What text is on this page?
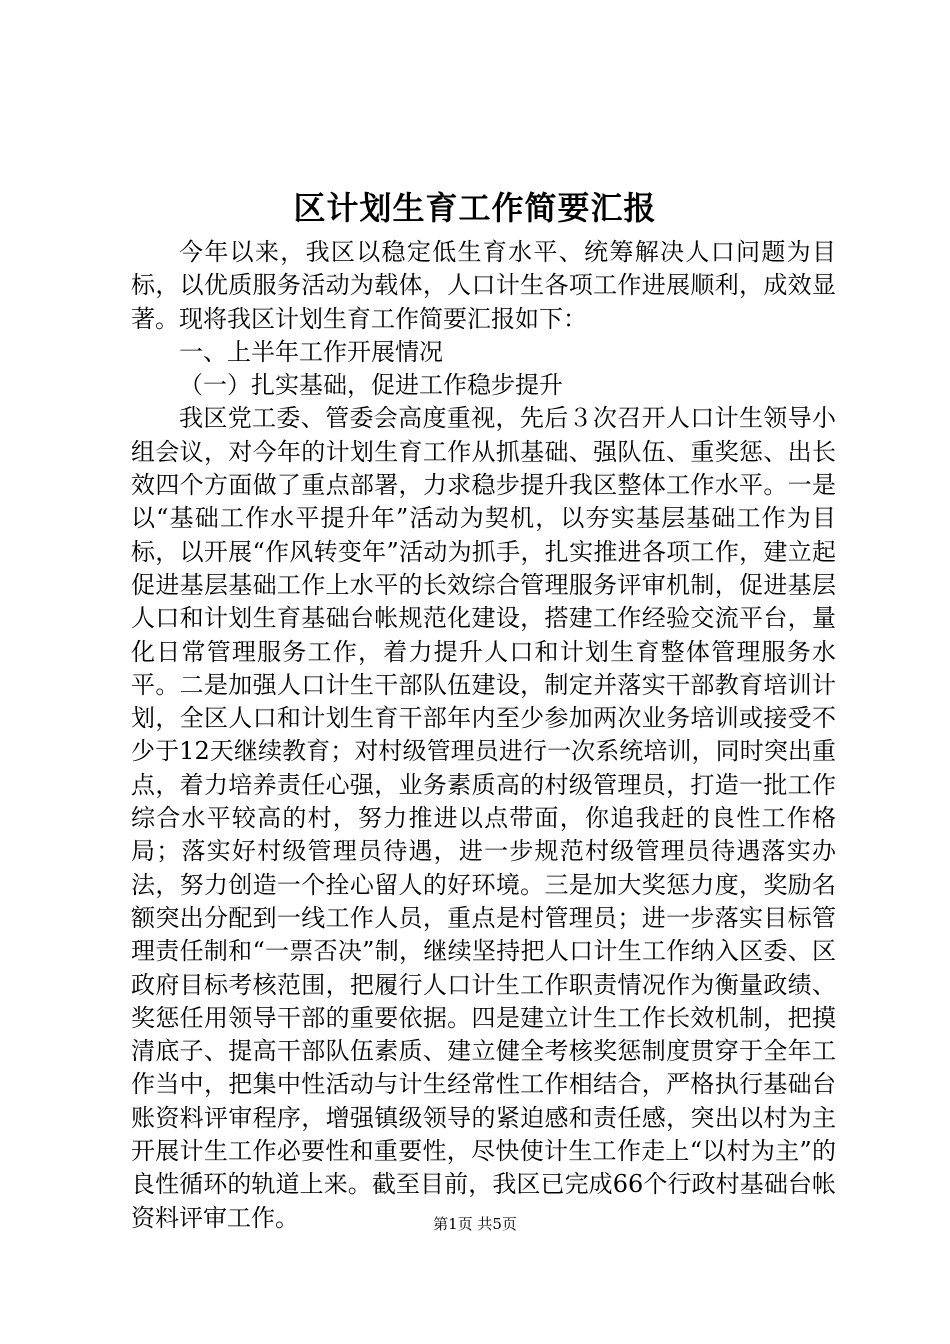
区计划生育工作简要汇报

今年以来，我区以稳定低生育水平、统筹解决人口问题为目标，以优质服务活动为载体，人口计生各项工作进展顺利，成效显著。现将我区计划生育工作简要汇报如下：

一、上半年工作开展情况

（一）扎实基础，促进工作稳步提升

我区党工委、管委会高度重视，先后３次召开人口计生领导小组会议，对今年的计划生育工作从抓基础、强队伍、重奖惩、出长效四个方面做了重点部署，力求稳步提升我区整体工作水平。一是以“基础工作水平提升年”活动为契机，以夯实基层基础工作为目标，以开展“作风转变年”活动为抓手，扎实推进各项工作，建立起促进基层基础工作上水平的长效综合管理服务评审机制，促进基层人口和计划生育基础台帐规范化建设，搭建工作经验交流平台，量化日常管理服务工作，着力提升人口和计划生育整体管理服务水平。二是加强人口计生干部队伍建设，制定并落实干部教育培训计划，全区人口和计划生育干部年内至少参加两次业务培训或接受不少于12天继续教育；对村级管理员进行一次系统培训，同时突出重点，着力培养责任心强，业务素质高的村级管理员，打造一批工作综合水平较高的村，努力推进以点带面，你追我赶的良性工作格局；落实好村级管理员待遇，进一步规范村级管理员待遇落实办法，努力创造一个拴心留人的好环境。三是加大奖惩力度，奖励名额突出分配到一线工作人员，重点是村管理员；进一步落实目标管理责任制和“一票否决”制，继续坚持把人口计生工作纳入区委、区政府目标考核范围，把履行人口计生工作职责情况作为衡量政绩、奖惩任用领导干部的重要依据。四是建立计生工作长效机制，把摸清底子、提高干部队伍素质、建立健全考核奖惩制度贯穿于全年工作当中，把集中性活动与计生经常性工作相结合，严格执行基础台账资料评审程序，增强镇级领导的紧迫感和责任感，突出以村为主开展计生工作必要性和重要性，尽快使计生工作走上“以村为主”的良性循环的轨道上来。截至目前，我区已完成66个行政村基础台帐资料评审工作。	第1页 共5页
